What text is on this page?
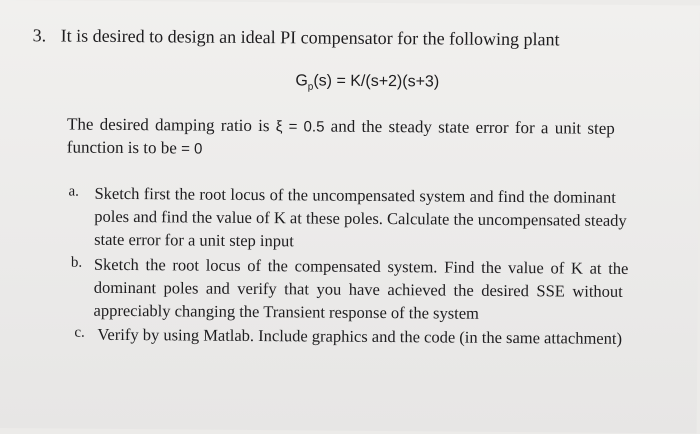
3. It is desired to design an ideal PI compensator for the following plant
$G_p(s) = K/(s+2)(s+3)$
The desired damping ratio is ξ = 0.5 and the steady state error for a unit step
function is to be = 0
a. Sketch first the root locus of the uncompensated system and find the dominant
poles and find the value of K at these poles. Calculate the uncompensated steady
state error for a unit step input
b. Sketch the root locus of the compensated system. Find the value of K at the
dominant poles and verify that you have achieved the desired SSE without
appreciably changing the Transient response of the system
c. Verify by using Matlab. Include graphics and the code (in the same attachment)
